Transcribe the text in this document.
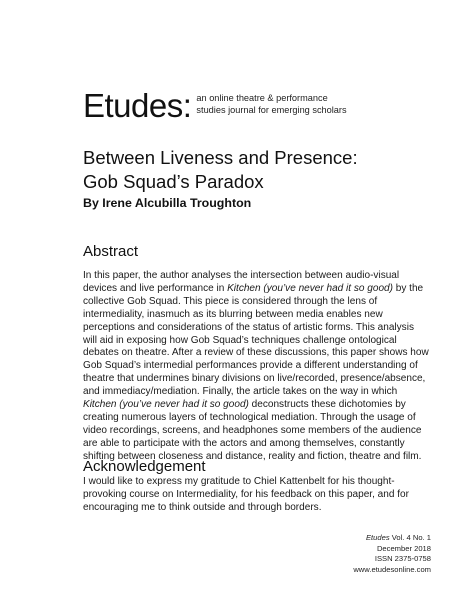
Etudes: an online theatre & performance
studies journal for emerging scholars
Between Liveness and Presence:
Gob Squad’s Paradox
By Irene Alcubilla Troughton
Abstract
In this paper, the author analyses the intersection between audio-visual devices and live performance in Kitchen (you’ve never had it so good) by the collective Gob Squad. This piece is considered through the lens of intermediality, inasmuch as its blurring between media enables new perceptions and considerations of the status of artistic forms. This analysis will aid in exposing how Gob Squad’s techniques challenge ontological debates on theatre. After a review of these discussions, this paper shows how Gob Squad’s intermedial performances provide a different understanding of theatre that undermines binary divisions on live/recorded, presence/absence, and immediacy/mediation. Finally, the article takes on the way in which Kitchen (you’ve never had it so good) deconstructs these dichotomies by creating numerous layers of technological mediation. Through the usage of video recordings, screens, and headphones some members of the audience are able to participate with the actors and among themselves, constantly shifting between closeness and distance, reality and fiction, theatre and film.
Acknowledgement
I would like to express my gratitude to Chiel Kattenbelt for his thought-provoking course on Intermediality, for his feedback on this paper, and for encouraging me to think outside and through borders.
Etudes Vol. 4 No. 1
December 2018
ISSN 2375-0758
www.etudesonline.com
